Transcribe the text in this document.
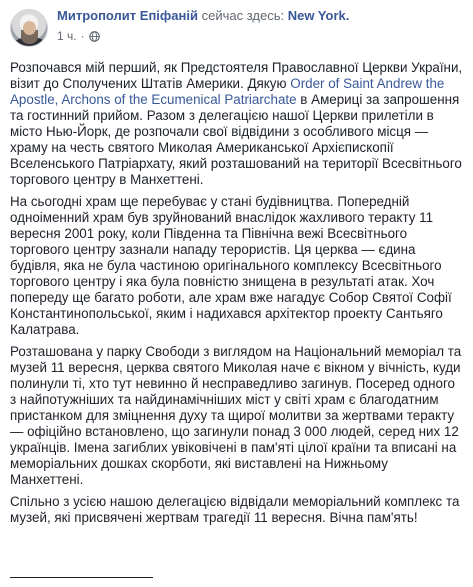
Митрополит Епіфаній сейчас здесь: New York.
1 ч. ·

Розпочався мій перший, як Предстоятеля Православної Церкви України, візит до Сполучених Штатів Америки. Дякую Order of Saint Andrew the Apostle, Archons of the Ecumenical Patriarchate в Америці за запрошення та гостинний прийом. Разом з делегацією нашої Церкви прилетіли в місто Нью-Йорк, де розпочали свої відвідини з особливого місця — храму на честь святого Миколая Американської Архієпископії Вселенського Патріархату, який розташований на території Всесвітнього торгового центру в Манхеттені.

На сьогодні храм ще перебуває у стані будівництва. Попередній одноіменний храм був зруйнований внаслідок жахливого теракту 11 вересня 2001 року, коли Південна та Північна вежі Всесвітнього торгового центру зазнали нападу терористів. Ця церква — єдина будівля, яка не була частиною оригінального комплексу Всесвітнього торгового центру і яка була повністю знищена в результаті атак. Хоч попереду ще багато роботи, але храм вже нагадує Собор Святої Софії Константинопольської, яким і надихався архітектор проекту Сантьяго Калатрава.

Розташована у парку Свободи з виглядом на Національний меморіал та музей 11 вересня, церква святого Миколая наче є вікном у вічність, куди полинули ті, хто тут невинно й несправедливо загинув. Посеред одного з найпотужніших та найдинамічніших міст у світі храм є благодатним пристанком для зміцнення духу та щирої молитви за жертвами теракту — офіційно встановлено, що загинули понад 3 000 людей, серед них 12 українців. Імена загиблих увіковічені в пам'яті цілої країни та вписані на меморіальних дошках скорботи, які виставлені на Нижньому Манхеттені.

Спільно з усією нашою делегацією відвідали меморіальний комплекс та музей, які присвячені жертвам трагедії 11 вересня. Вічна пам'ять!
